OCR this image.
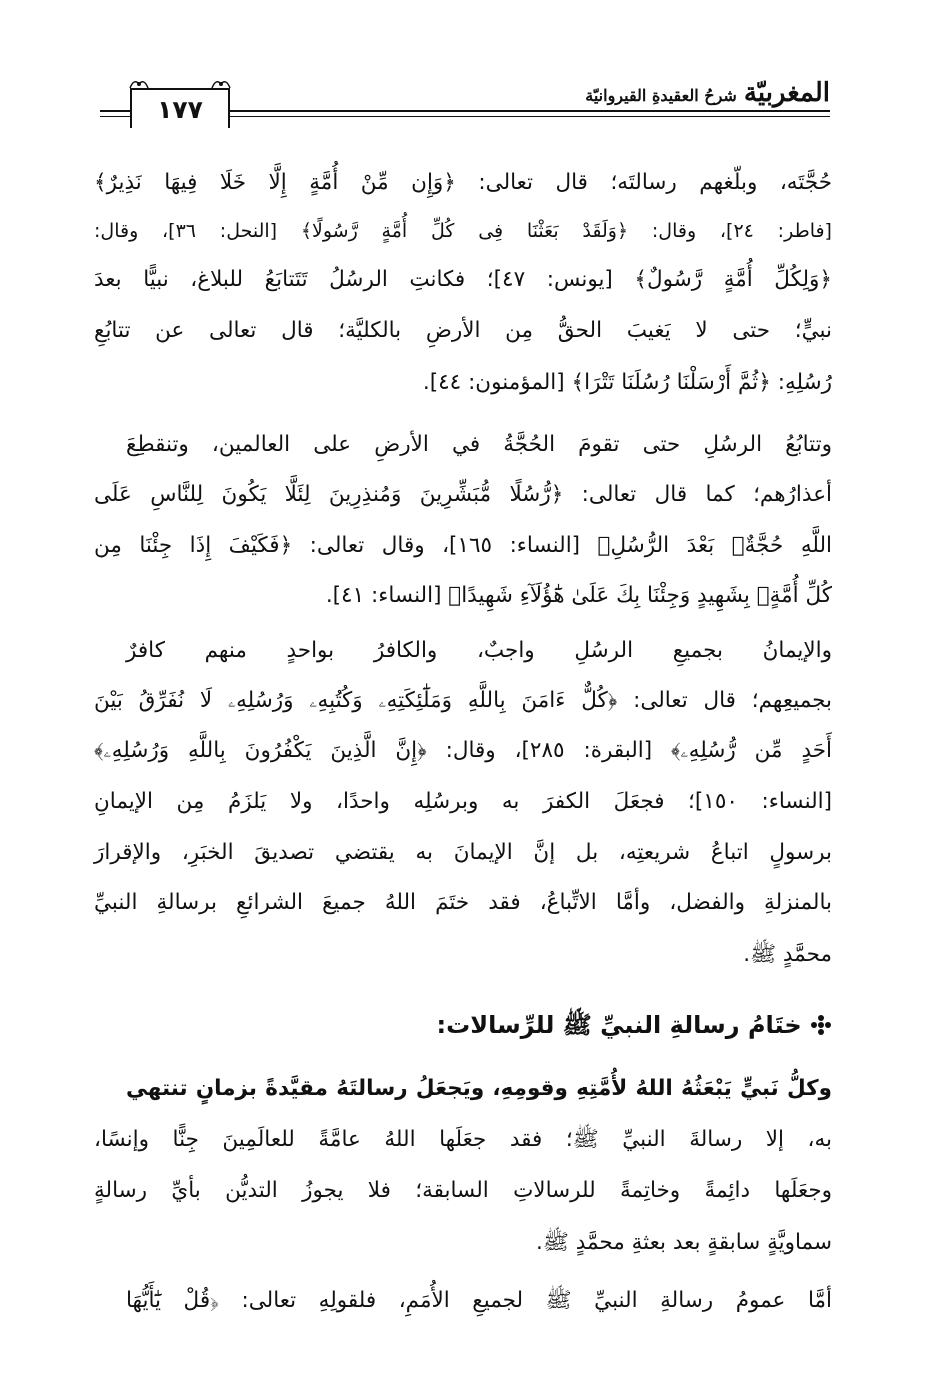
١٧٧
المغربيّة شرحُ العقيدةِ القيروانيّة
حُجَّتَه، وبلّغهم رسالتَه؛ قال تعالى: ﴿وَإِن مِّنْ أُمَّةٍ إِلَّا خَلَا فِيهَا نَذِيرٌ﴾
[فاطر: ٢٤]، وقال: ﴿وَلَقَدْ بَعَثْنَا فِى كُلِّ أُمَّةٍ رَّسُولًا﴾ [النحل: ٣٦]، وقال:
﴿وَلِكُلِّ أُمَّةٍ رَّسُولٌ﴾ [يونس: ٤٧]؛ فكانتِ الرسُلُ تَتَتابَعُ للبلاغ، نبيًّا بعدَ
نبيٍّ؛ حتى لا يَغيبَ الحقُّ مِن الأرضِ بالكليَّة؛ قال تعالى عن تتابُعِ
رُسُلِهِ: ﴿ثُمَّ أَرْسَلْنَا رُسُلَنَا تَتْرَا﴾ [المؤمنون: ٤٤].
وتتابُعُ الرسُلِ حتى تقومَ الحُجَّةُ في الأرضِ على العالمين، وتنقطِعَ
أعذارُهم؛ كما قال تعالى: ﴿رُّسُلًا مُّبَشِّرِينَ وَمُنذِرِينَ لِئَلَّا يَكُونَ لِلنَّاسِ عَلَى
اللَّهِ حُجَّةٌۢ بَعْدَ الرُّسُلِ﴾ [النساء: ١٦٥]، وقال تعالى: ﴿فَكَيْفَ إِذَا جِئْنَا مِن
كُلِّ أُمَّةٍۭ بِشَهِيدٍ وَجِئْنَا بِكَ عَلَىٰ هَٰٓؤُلَآءِ شَهِيدًا﴾ [النساء: ٤١].
والإيمانُ بجميعِ الرسُلِ واجبٌ، والكافرُ بواحدٍ منهم كافرٌ
بجميعِهم؛ قال تعالى: ﴿كُلٌّ ءَامَنَ بِاللَّهِ وَمَلَٰٓئِكَتِهِۦ وَكُتُبِهِۦ وَرُسُلِهِۦ لَا نُفَرِّقُ بَيْنَ
أَحَدٍ مِّن رُّسُلِهِۦ﴾ [البقرة: ٢٨٥]، وقال: ﴿إِنَّ الَّذِينَ يَكْفُرُونَ بِاللَّهِ وَرُسُلِهِۦ﴾
[النساء: ١٥٠]؛ فجعَلَ الكفرَ به وبرسُلِه واحدًا، ولا يَلزَمُ مِن الإيمانِ
برسولٍ اتباعُ شريعتِه، بل إنَّ الإيمانَ به يقتضي تصديقَ الخبَرِ، والإقرارَ
بالمنزلةِ والفضل، وأمَّا الاتِّباعُ، فقد ختَمَ اللهُ جميعَ الشرائعِ برسالةِ النبيِّ
محمَّدٍ ﷺ.
ختَامُ رسالةِ النبيِّ ﷺ للرِّسالات:
وكلُّ نَبيٍّ يَبْعَثُهُ اللهُ لأُمَّتِهِ وقومِهِ، ويَجعَلُ رسالتَهُ مقيَّدةً بزمانٍ تنتهي
به، إلا رسالةَ النبيِّ ﷺ؛ فقد جعَلَها اللهُ عامَّةً للعالَمِينَ جِنًّا وإنسًا،
وجعَلَها دائِمةً وخاتِمةً للرسالاتِ السابقة؛ فلا يجوزُ التديُّن بأيِّ رسالةٍ
سماويَّةٍ سابقةٍ بعد بعثةِ محمَّدٍ ﷺ.
أمَّا عمومُ رسالةِ النبيِّ ﷺ لجميعِ الأُمَمِ، فلقولِهِ تعالى: ﴿قُلْ يَٰٓأَيُّهَا
